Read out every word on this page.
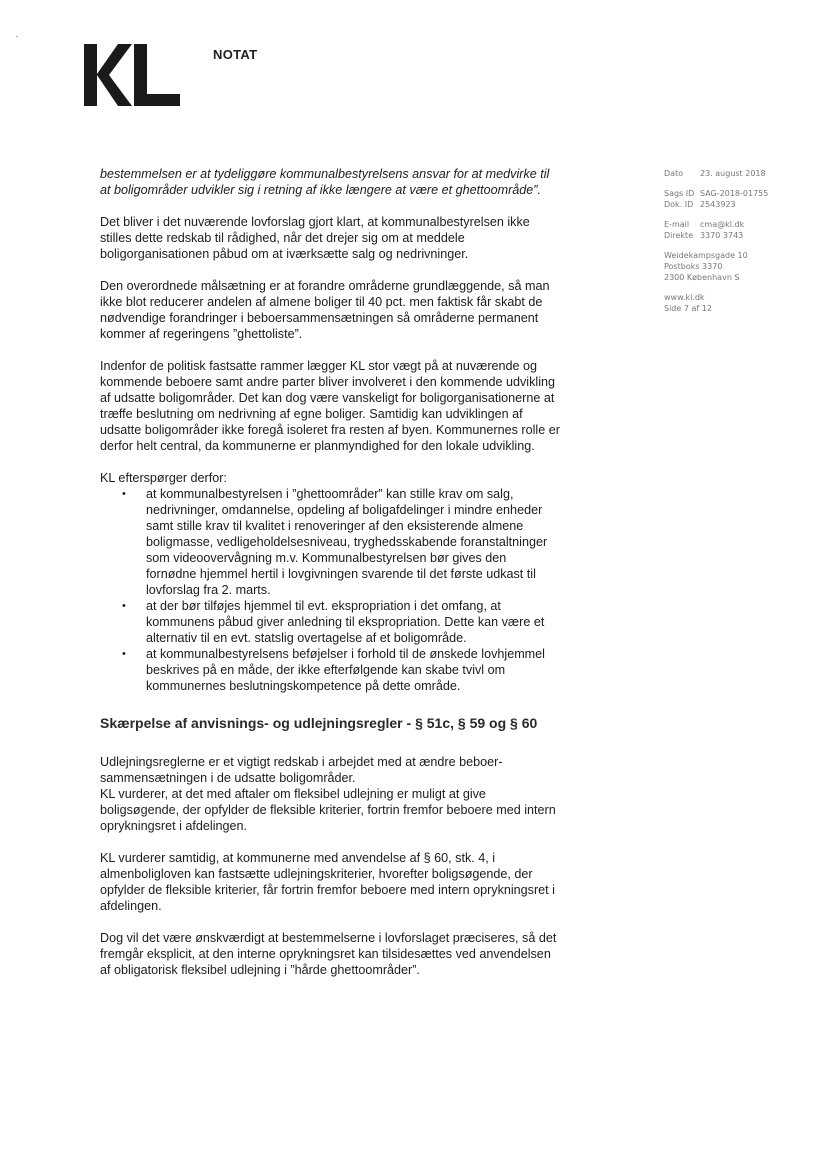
NOTAT
Dato 23. august 2018
Sags ID SAG-2018-01755
Dok. ID 2543923
E-mail cma@kl.dk
Direkte 3370 3743
Weidekampsgade 10
Postboks 3370
2300 København S
www.kl.dk
Side 7 af 12

bestemmelsen er at tydeliggøre kommunalbestyrelsens ansvar for at medvirke til at boligområder udvikler sig i retning af ikke længere at være et ghettoområde”.

Det bliver i det nuværende lovforslag gjort klart, at kommunalbestyrelsen ikke stilles dette redskab til rådighed, når det drejer sig om at meddele boligorganisationen påbud om at iværksætte salg og nedrivninger.

Den overordnede målsætning er at forandre områderne grundlæggende, så man ikke blot reducerer andelen af almene boliger til 40 pct. men faktisk får skabt de nødvendige forandringer i beboersammensætningen så områderne permanent kommer af regeringens ”ghettoliste”.

Indenfor de politisk fastsatte rammer lægger KL stor vægt på at nuværende og kommende beboere samt andre parter bliver involveret i den kommende udvikling af udsatte boligområder. Det kan dog være vanskeligt for boligorganisationerne at træffe beslutning om nedrivning af egne boliger. Samtidig kan udviklingen af udsatte boligområder ikke foregå isoleret fra resten af byen. Kommunernes rolle er derfor helt central, da kommunerne er planmyndighed for den lokale udvikling.

KL efterspørger derfor:

• at kommunalbestyrelsen i ”ghettoområder” kan stille krav om salg, nedrivninger, omdannelse, opdeling af boligafdelinger i mindre enheder samt stille krav til kvalitet i renoveringer af den eksisterende almene boligmasse, vedligeholdelsesniveau, tryghedsskabende foranstaltninger som videoovervågning m.v. Kommunalbestyrelsen bør gives den fornødne hjemmel hertil i lovgivningen svarende til det første udkast til lovforslag fra 2. marts.
• at der bør tilføjes hjemmel til evt. ekspropriation i det omfang, at kommunens påbud giver anledning til ekspropriation. Dette kan være et alternativ til en evt. statslig overtagelse af et boligområde.
• at kommunalbestyrelsens beføjelser i forhold til de ønskede lovhjemmel beskrives på en måde, der ikke efterfølgende kan skabe tvivl om kommunernes beslutningskompetence på dette område.
Skærpelse af anvisnings- og udlejningsregler - § 51c, § 59 og § 60

Udlejningsreglerne er et vigtigt redskab i arbejdet med at ændre beboer-sammensætningen i de udsatte boligområder.

KL vurderer, at det med aftaler om fleksibel udlejning er muligt at give boligsøgende, der opfylder de fleksible kriterier, fortrin fremfor beboere med intern oprykningsret i afdelingen.

KL vurderer samtidig, at kommunerne med anvendelse af § 60, stk. 4, i almenboligloven kan fastsætte udlejningskriterier, hvorefter boligsøgende, der opfylder de fleksible kriterier, får fortrin fremfor beboere med intern oprykningsret i afdelingen.

Dog vil det være ønskværdigt at bestemmelserne i lovforslaget præciseres, så det fremgår eksplicit, at den interne oprykningsret kan tilsidesættes ved anvendelsen af obligatorisk fleksibel udlejning i ”hårde ghettoområder”.
